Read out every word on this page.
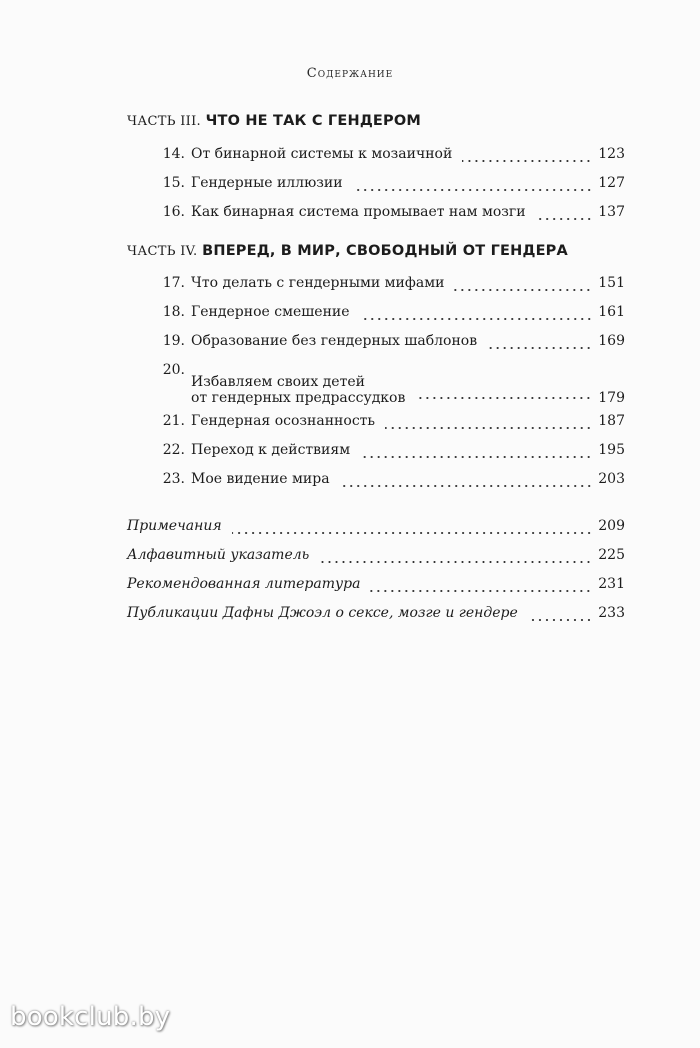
Содержание
ЧАСТЬ III. ЧТО НЕ ТАК С ГЕНДЕРОМ
14. От бинарной системы к мозаичной	123
15. Гендерные иллюзии	127
16. Как бинарная система промывает нам мозги	137
ЧАСТЬ IV. ВПЕРЕД, В МИР, СВОБОДНЫЙ ОТ ГЕНДЕРА
17. Что делать с гендерными мифами	151
18. Гендерное смешение	161
19. Образование без гендерных шаблонов	169
20.
Избавляем своих детей
от гендерных предрассудков	179
21. Гендерная осознанность	187
22. Переход к действиям	195
23. Мое видение мира	203
Примечания	209
Алфавитный указатель	225
Рекомендованная литература	231
Публикации Дафны Джоэл о сексе, мозге и гендере	233
bookclub.by
